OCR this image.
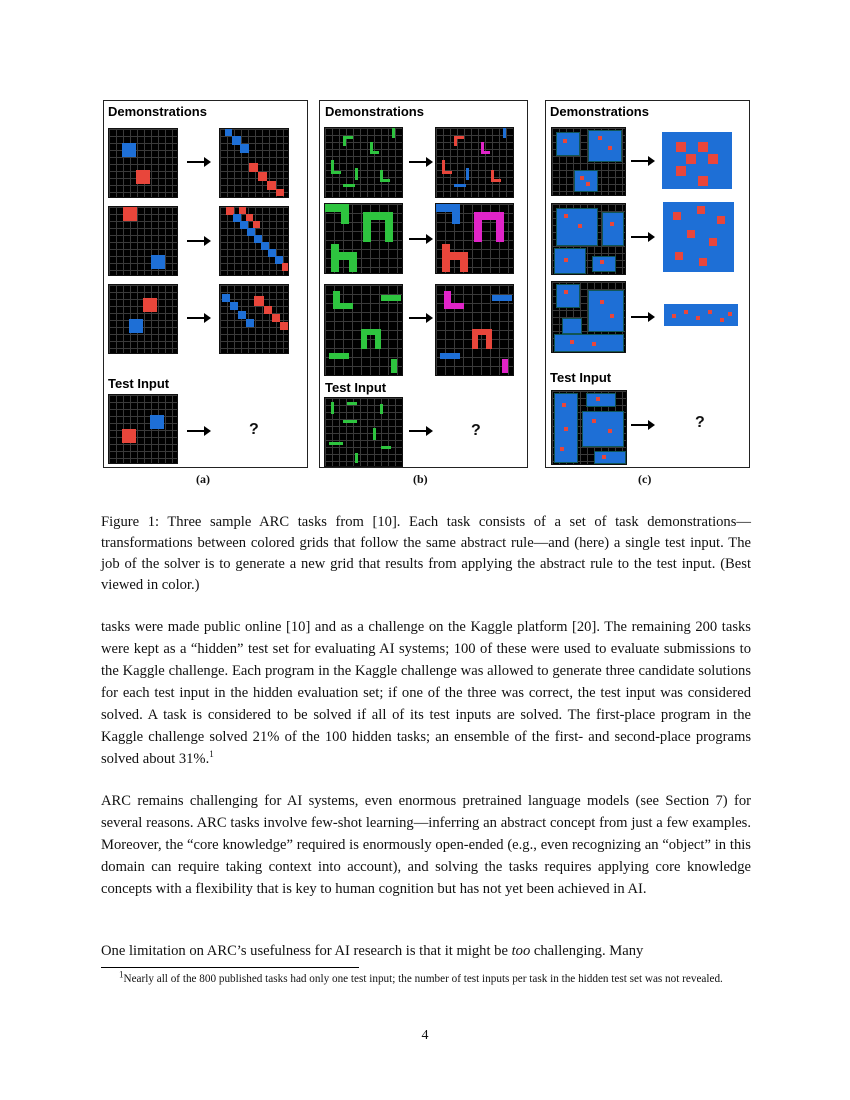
Demonstrations
Test Input
?
(a)
Demonstrations
Test Input
?
(b)
Demonstrations
Test Input
?
(c)
Figure 1: Three sample ARC tasks from [10]. Each task consists of a set of task demonstrations—transformations between colored grids that follow the same abstract rule—and (here) a single test input. The job of the solver is to generate a new grid that results from applying the abstract rule to the test input. (Best viewed in color.)
tasks were made public online [10] and as a challenge on the Kaggle platform [20]. The remaining 200 tasks were kept as a “hidden” test set for evaluating AI systems; 100 of these were used to evaluate submissions to the Kaggle challenge. Each program in the Kaggle challenge was allowed to generate three candidate solutions for each test input in the hidden evaluation set; if one of the three was correct, the test input was considered solved. A task is considered to be solved if all of its test inputs are solved. The first-place program in the Kaggle challenge solved 21% of the 100 hidden tasks; an ensemble of the first- and second-place programs solved about 31%.$^1$
ARC remains challenging for AI systems, even enormous pretrained language models (see Section 7) for several reasons. ARC tasks involve few-shot learning—inferring an abstract concept from just a few examples. Moreover, the “core knowledge” required is enormously open-ended (e.g., even recognizing an “object” in this domain can require taking context into account), and solving the tasks requires applying core knowledge concepts with a flexibility that is key to human cognition but has not yet been achieved in AI.
One limitation on ARC’s usefulness for AI research is that it might be too challenging. Many
$^1$Nearly all of the 800 published tasks had only one test input; the number of test inputs per task in the hidden test set was not revealed.
4
